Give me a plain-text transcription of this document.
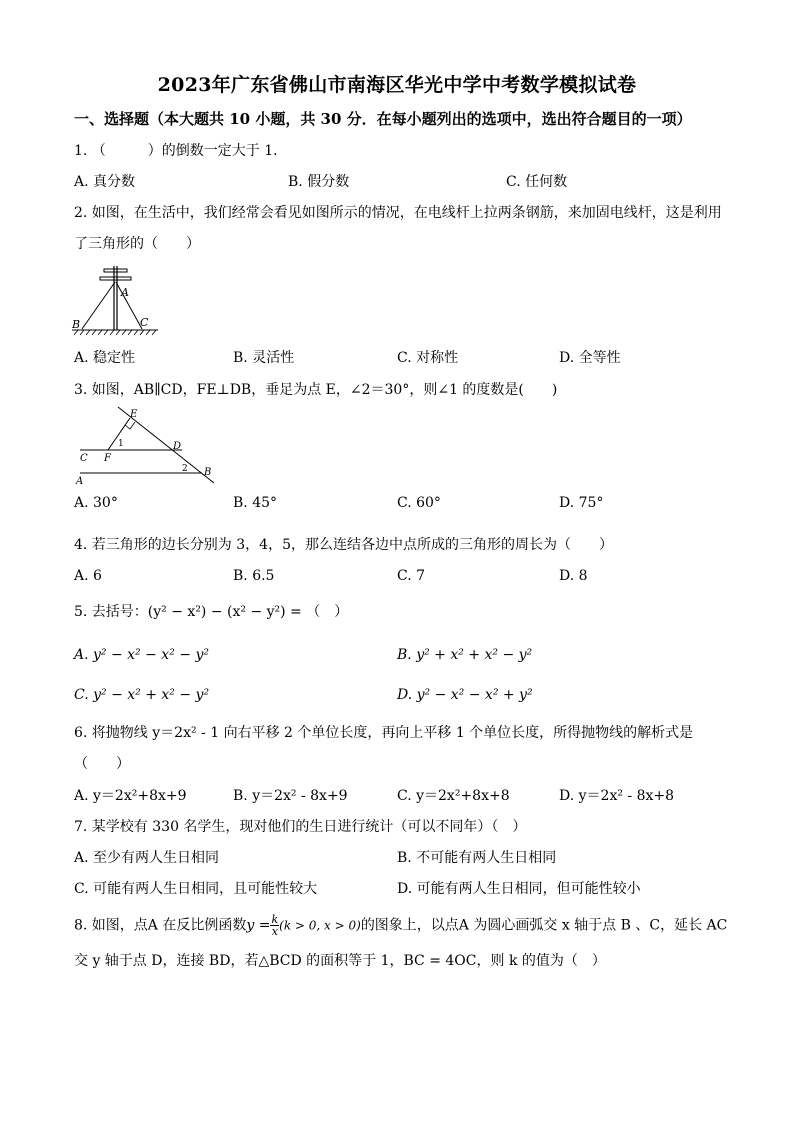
2023年广东省佛山市南海区华光中学中考数学模拟试卷
一、选择题（本大题共 10 小题，共 30 分．在每小题列出的选项中，选出符合题目的一项）
1. （　　　）的倒数一定大于 1．
A. 真分数	B. 假分数	C. 任何数
2. 如图，在生活中，我们经常会看见如图所示的情况，在电线杆上拉两条钢筋，来加固电线杆，这是利用
了三角形的（　　）
A
B	C
A. 稳定性	B. 灵活性	C. 对称性	D. 全等性
3. 如图，AB∥CD，FE⊥DB，垂足为点 E，∠2＝30°，则∠1 的度数是(　　)
E
1	D
C F
2 B
A
A. 30°	B. 45°	C. 60°	D. 75°
4. 若三角形的边长分别为 3，4，5，那么连结各边中点所成的三角形的周长为（　　）
A. 6	B. 6.5	C. 7	D. 8
5. 去括号：(y² − x²) − (x² − y²) = （　）
A. y² − x² − x² − y²	B. y² + x² + x² − y²
C. y² − x² + x² − y²	D. y² − x² − x² + y²
6. 将抛物线 y＝2x² - 1 向右平移 2 个单位长度，再向上平移 1 个单位长度，所得抛物线的解析式是
（　　）
A. y＝2x²+8x+9	B. y＝2x² - 8x+9	C. y＝2x²+8x+8	D. y＝2x² - 8x+8
7. 某学校有 330 名学生，现对他们的生日进行统计（可以不同年）（　）
A. 至少有两人生日相同	B. 不可能有两人生日相同
C. 可能有两人生日相同，且可能性较大	D. 可能有两人生日相同，但可能性较小
8. 如图，点A 在反比例函数$y = \frac{k}{x} (k > 0$, x > 0)的图象上，以点A 为圆心画弧交 x 轴于点 B 、C，延长 AC
交 y 轴于点 D，连接 BD，若△BCD 的面积等于 1，BC = 4OC，则 k 的值为（　）
